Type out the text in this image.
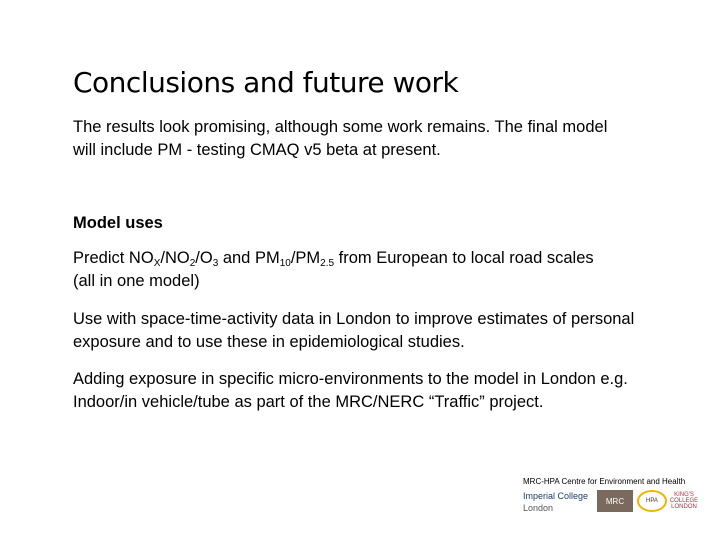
Conclusions and future work
The results look promising, although some work remains. The final model will include PM - testing CMAQ v5 beta at present.
Model uses
Predict $NO_X/NO_2/O_3$ and $PM_{10}/PM_{2.5}$ from European to local road scales (all in one model)
Use with space-time-activity data in London to improve estimates of personal exposure and to use these in epidemiological studies.
Adding exposure in specific micro-environments to the model in London e.g. Indoor/in vehicle/tube as part of the MRC/NERC “Traffic” project.
MRC-HPA Centre for Environment and Health
Imperial College
London
MRC	HPA
KING'S COLLEGE LONDON
